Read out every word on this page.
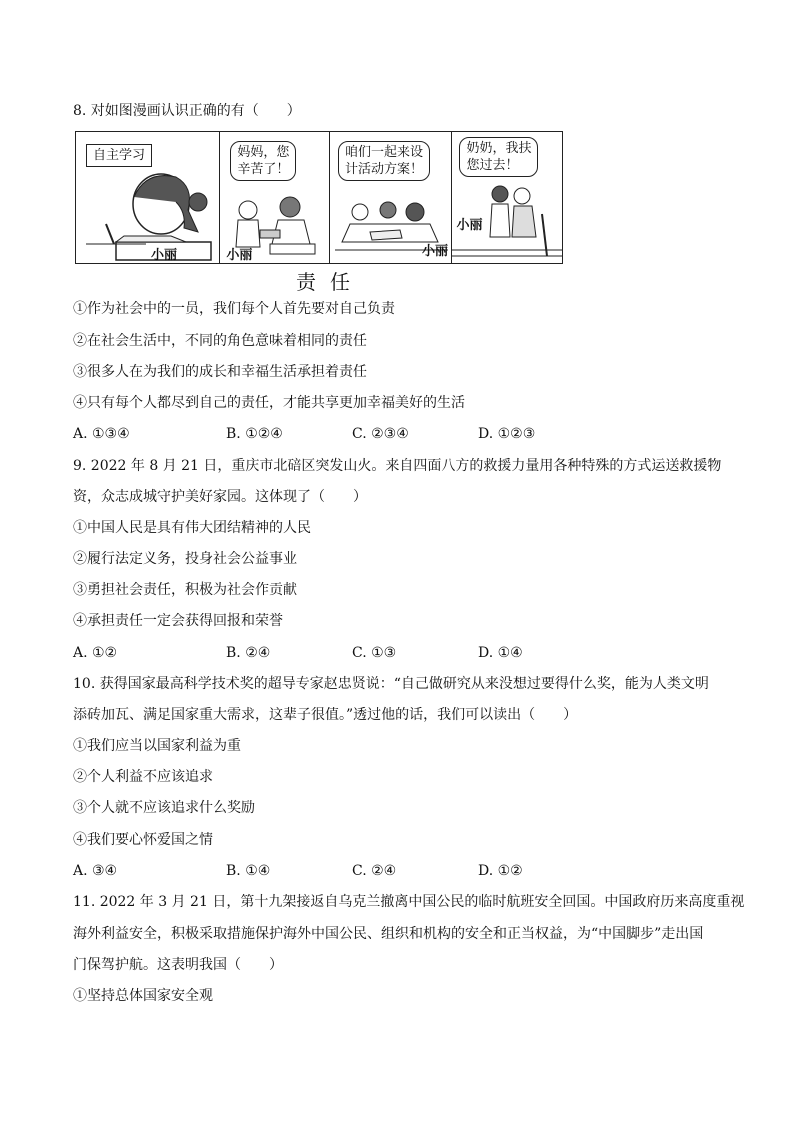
8. 对如图漫画认识正确的有（　　）
自主学习
小丽
妈妈，您
辛苦了！
小丽
咱们一起来设
计活动方案！
小丽
奶奶，我扶
您过去！
小丽
责任
①作为社会中的一员，我们每个人首先要对自己负责
②在社会生活中，不同的角色意味着相同的责任
③很多人在为我们的成长和幸福生活承担着责任
④只有每个人都尽到自己的责任，才能共享更加幸福美好的生活
A. ①③④	B. ①②④	C. ②③④	D. ①②③
9. 2022 年 8 月 21 日，重庆市北碚区突发山火。来自四面八方的救援力量用各种特殊的方式运送救援物
资，众志成城守护美好家园。这体现了（　　）
①中国人民是具有伟大团结精神的人民
②履行法定义务，投身社会公益事业
③勇担社会责任，积极为社会作贡献
④承担责任一定会获得回报和荣誉
A. ①②	B. ②④	C. ①③	D. ①④
10. 获得国家最高科学技术奖的超导专家赵忠贤说：“自己做研究从来没想过要得什么奖，能为人类文明
添砖加瓦、满足国家重大需求，这辈子很值。”透过他的话，我们可以读出（　　）
①我们应当以国家利益为重
②个人利益不应该追求
③个人就不应该追求什么奖励
④我们要心怀爱国之情
A. ③④	B. ①④	C. ②④	D. ①②
11. 2022 年 3 月 21 日，第十九架接返自乌克兰撤离中国公民的临时航班安全回国。中国政府历来高度重视
海外利益安全，积极采取措施保护海外中国公民、组织和机构的安全和正当权益，为“中国脚步”走出国
门保驾护航。这表明我国（　　）
①坚持总体国家安全观
